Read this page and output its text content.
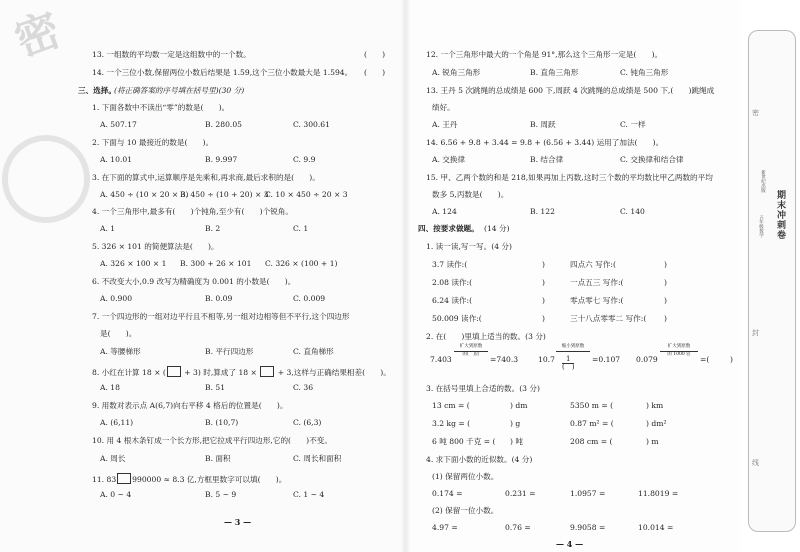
密	13. 一组数的平均数一定是这组数中的一个数。	(　　)
14. 一个三位小数,保留两位小数后结果是 1.59,这个三位小数最大是 1.594。 (　　)
三、选择。
(将正确答案的序号填在括号里)(30 分)
1. 下面各数中不读出“零”的数是(　　)。
A. 507.17	B. 280.05	C. 300.61
2. 下面与 10 最接近的数是(　　)。
A. 10.01	B. 9.997	C. 9.9
3. 在下面的算式中,运算顺序是先乘和,再求商,最后求积的是(　　)。
A. 450 ÷ (10 × 20 × 3)
B. 450 ÷ (10 + 20) × 3
C. 10 × 450 ÷ 20 × 3
4. 一个三角形中,最多有(　　)个钝角,至少有(　　)个锐角。
A. 1	B. 2	C. 1
5. 326 × 101 的简便算法是(　　)。
A. 326 × 100 × 1 B. 300 + 26 × 101 C. 326 × (100 + 1)
6. 不改变大小,0.9 改写为精确度为 0.001 的小数是(　　)。
A. 0.900	B. 0.09	C. 0.009
7. 一个四边形的一组对边平行且不相等,另一组对边相等但不平行,这个四边形
是(　　)。
A. 等腰梯形	B. 平行四边形	C. 直角梯形
8. 小红在计算 18 × ( + 3) 时,算成了 18 ×  + 3,这样与正确结果相差(　　)。
A. 18	B. 51	C. 36
9. 用数对表示点 A(6,7)向右平移 4 格后的位置是(　　)。
A. (6,11)	B. (10,7)	C. (6,3)
10. 用 4 根木条钉成一个长方形,把它拉成平行四边形,它的(　　)不变。
A. 周长	B. 面积	C. 周长和面积
11. 83 990000 ≈ 8.3 亿,方框里数字可以填(　　)。
A. 0 ~ 4	B. 5 ~ 9	C. 1 ~ 4
— 3 —
12. 一个三角形中最大的一个角是 91°,那么这个三角形一定是(　　)。
A. 锐角三角形	B. 直角三角形	C. 钝角三角形
13. 王丹 5 次跳绳的总成绩是 600 下,周跃 4 次跳绳的总成绩是 500 下,(　　)跳绳成
绩好。
A. 王丹	B. 周跃	C. 一样
14. 6.56 + 9.8 + 3.44 = 9.8 + (6.56 + 3.44) 运用了加法(　　)。
A. 交换律	B. 结合律	C. 交换律和结合律
15. 甲、乙两个数的和是 218,如果再加上丙数,这时三个数的平均数比甲乙两数的平均
数多 5,丙数是(　　)。
A. 124	B. 122	C. 140
四、按要求做题。 (14 分)
1. 读一读,写一写。(4 分)
3.7 读作:(	)	四点六 写作:(	)
2.08 读作:(	)	一点五三 写作:(	)
6.24 读作:(	)	零点零七 写作:(	)
50.009 读作:(	)	三十八点零零二 写作:( )
2. 在(　　)里填上适当的数。(3 分)
7.403
扩大到原数
的(　)倍
=740.3	10.7
缩小到原数
1
(　)
=0.107 0.079
扩大到原数
的 1000 倍
=(	)
3. 在括号里填上合适的数。(3 分)
13 cm = (	) dm	5350 m = (	) km
3.2 kg = (	) g	0.87 m² = (	) dm²
6 吨 800 千克 = ( ) 吨	208 cm = (	) m
4. 求下面小数的近似数。(4 分)
(1) 保留两位小数。
0.174 =	0.231 =	1.0957 =	11.8019 =
(2) 保留一位小数。
4.97 =	0.76 =	9.9058 =	10.014 =
— 4 —
密
封
线
新世纪出版
期末冲刺卷
五年级数学
